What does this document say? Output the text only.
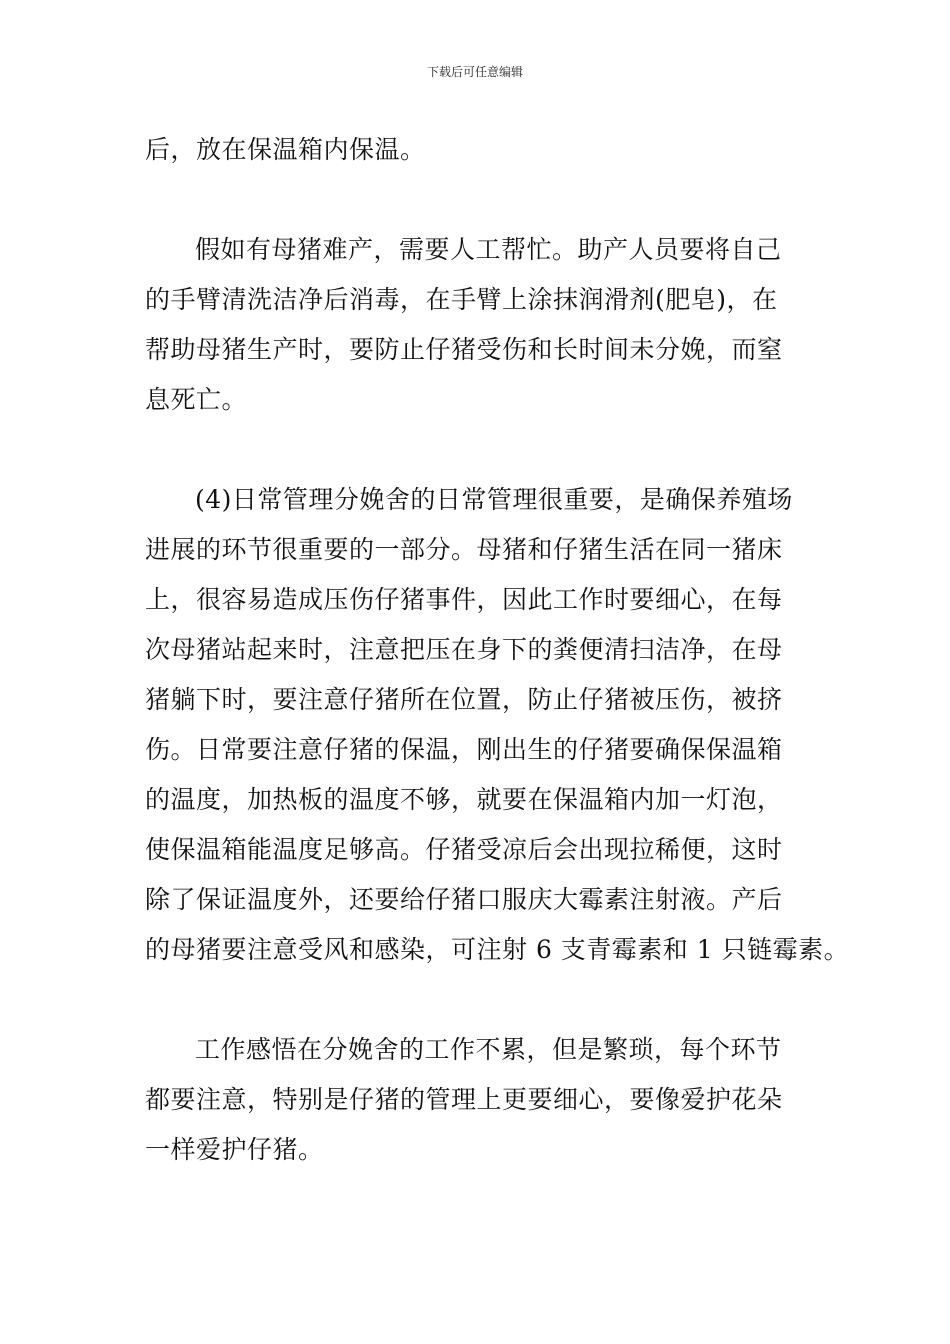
下载后可任意编辑
后，放在保温箱内保温。
假如有母猪难产，需要人工帮忙。助产人员要将自己
的手臂清洗洁净后消毒，在手臂上涂抹润滑剂(肥皂)，在
帮助母猪生产时，要防止仔猪受伤和长时间未分娩，而窒
息死亡。
(4)日常管理分娩舍的日常管理很重要，是确保养殖场
进展的环节很重要的一部分。母猪和仔猪生活在同一猪床
上，很容易造成压伤仔猪事件，因此工作时要细心，在每
次母猪站起来时，注意把压在身下的粪便清扫洁净，在母
猪躺下时，要注意仔猪所在位置，防止仔猪被压伤，被挤
伤。日常要注意仔猪的保温，刚出生的仔猪要确保保温箱
的温度，加热板的温度不够，就要在保温箱内加一灯泡，
使保温箱能温度足够高。仔猪受凉后会出现拉稀便，这时
除了保证温度外，还要给仔猪口服庆大霉素注射液。产后
的母猪要注意受风和感染，可注射 6 支青霉素和 1 只链霉素。
工作感悟在分娩舍的工作不累，但是繁琐，每个环节
都要注意，特别是仔猪的管理上更要细心，要像爱护花朵
一样爱护仔猪。
